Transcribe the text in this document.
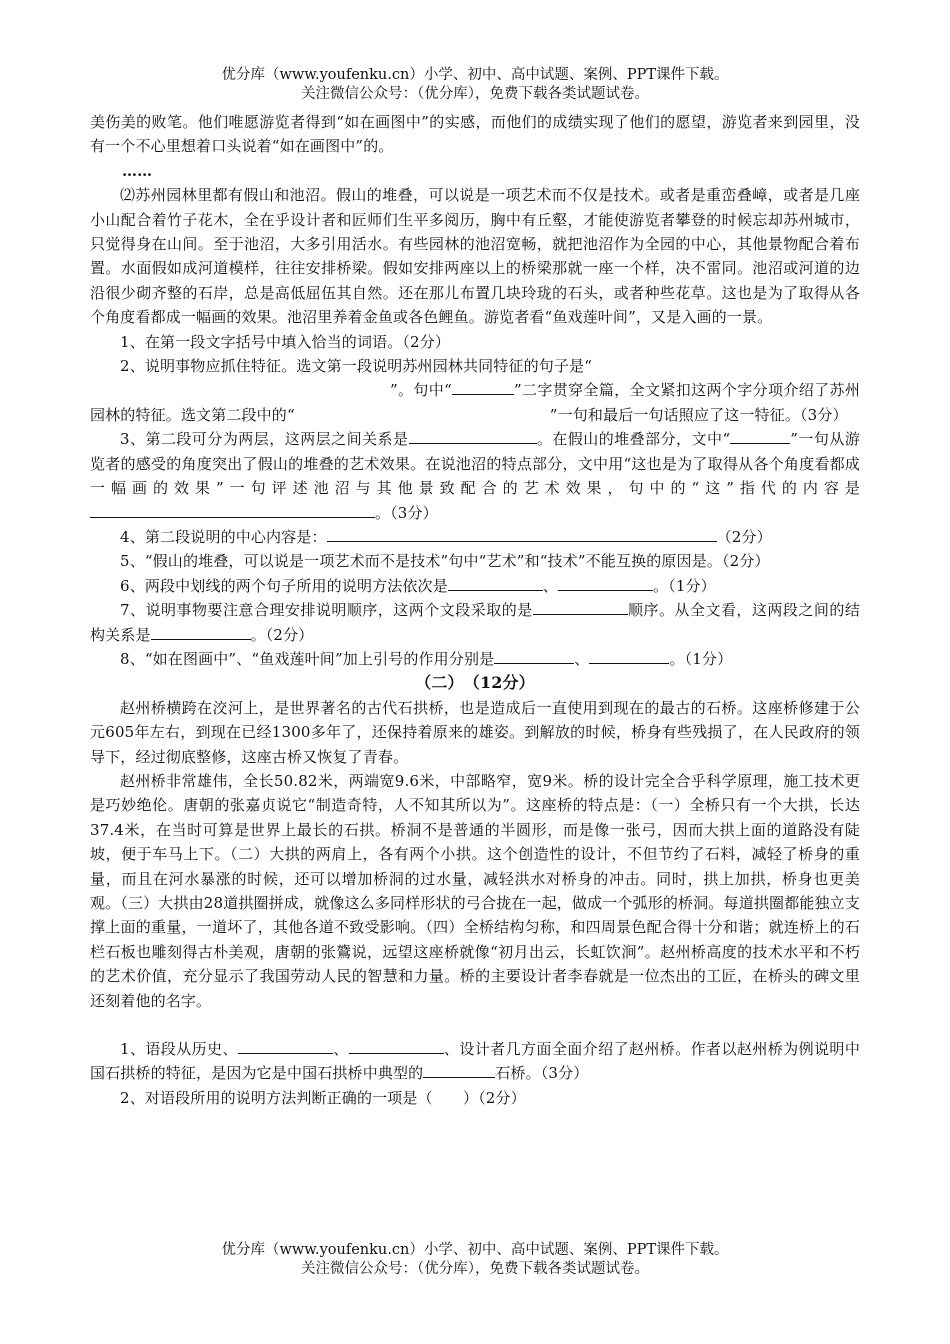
优分库（www.youfenku.cn）小学、初中、高中试题、案例、PPT课件下载。
关注微信公众号：（优分库），免费下载各类试题试卷。

美伤美的败笔。他们唯愿游览者得到“如在画图中”的实感，而他们的成绩实现了他们的愿望，游览者来到园里，没有一个不心里想着口头说着“如在画图中”的。

……

⑵苏州园林里都有假山和池沼。假山的堆叠，可以说是一项艺术而不仅是技术。或者是重峦叠嶂，或者是几座小山配合着竹子花木，全在乎设计者和匠师们生平多阅历，胸中有丘壑，才能使游览者攀登的时候忘却苏州城市，只觉得身在山间。至于池沼，大多引用活水。有些园林的池沼宽畅，就把池沼作为全园的中心，其他景物配合着布置。水面假如成河道模样，往往安排桥梁。假如安排两座以上的桥梁那就一座一个样，决不雷同。池沼或河道的边沿很少砌齐整的石岸，总是高低屈伍其自然。还在那儿布置几块玲珑的石头，或者种些花草。这也是为了取得从各个角度看都成一幅画的效果。池沼里养着金鱼或各色鲤鱼。游览者看“鱼戏莲叶间”，又是入画的一景。

1、在第一段文字括号中填入恰当的词语。（2分）

2、说明事物应抓住特征。选文第一段说明苏州园林共同特征的句子是“
”。句中“	”二字贯穿全篇，全文紧扣这两个字分项介绍了苏州园林的特征。选文第二段中的“	”一句和最后一句话照应了这一特征。（3分）

3、第二段可分为两层，这两层之间关系是	。在假山的堆叠部分，文中“	”一句从游览者的感受的角度突出了假山的堆叠的艺术效果。在说池沼的特点部分，文中用“这也是为了取得从各个角度看都成一幅画的效果”一句评述池沼与其他景致配合的艺术效果，句中的“这”指代的内容是。（3分）

4、第二段说明的中心内容是：	（2分）

5、“假山的堆叠，可以说是一项艺术而不是技术”句中“艺术”和“技术”不能互换的原因是。（2分）

6、两段中划线的两个句子所用的说明方法依次是	、	。（1分）

7、说明事物要注意合理安排说明顺序，这两个文段采取的是	顺序。从全文看，这两段之间的结构关系是	。（2分）

8、“如在图画中”、“鱼戏莲叶间”加上引号的作用分别是	、	。（1分）

（二）　（12分）

赵州桥横跨在洨河上，是世界著名的古代石拱桥，也是造成后一直使用到现在的最古的石桥。这座桥修建于公元605年左右，到现在已经1300多年了，还保持着原来的雄姿。到解放的时候，桥身有些残损了，在人民政府的领导下，经过彻底整修，这座古桥又恢复了青春。

赵州桥非常雄伟，全长50.82米，两端宽9.6米，中部略窄，宽9米。桥的设计完全合乎科学原理，施工技术更是巧妙绝伦。唐朝的张嘉贞说它“制造奇特，人不知其所以为”。这座桥的特点是：（一）全桥只有一个大拱，长达37.4米，在当时可算是世界上最长的石拱。桥洞不是普通的半圆形，而是像一张弓，因而大拱上面的道路没有陡坡，便于车马上下。（二）大拱的两肩上，各有两个小拱。这个创造性的设计，不但节约了石料，减轻了桥身的重量，而且在河水暴涨的时候，还可以增加桥洞的过水量，减轻洪水对桥身的冲击。同时，拱上加拱，桥身也更美观。（三）大拱由28道拱圈拼成，就像这么多同样形状的弓合拢在一起，做成一个弧形的桥洞。每道拱圈都能独立支撑上面的重量，一道坏了，其他各道不致受影响。（四）全桥结构匀称，和四周景色配合得十分和谐；就连桥上的石栏石板也雕刻得古朴美观，唐朝的张鷟说，远望这座桥就像“初月出云，长虹饮涧”。赵州桥高度的技术水平和不朽的艺术价值，充分显示了我国劳动人民的智慧和力量。桥的主要设计者李春就是一位杰出的工匠，在桥头的碑文里还刻着他的名字。

1、语段从历史、	、	、设计者几方面全面介绍了赵州桥。作者以赵州桥为例说明中国石拱桥的特征，是因为它是中国石拱桥中典型的	石桥。（3分）

2、对语段所用的说明方法判断正确的一项是（　　）（2分）

优分库（www.youfenku.cn）小学、初中、高中试题、案例、PPT课件下载。
关注微信公众号：（优分库），免费下载各类试题试卷。
